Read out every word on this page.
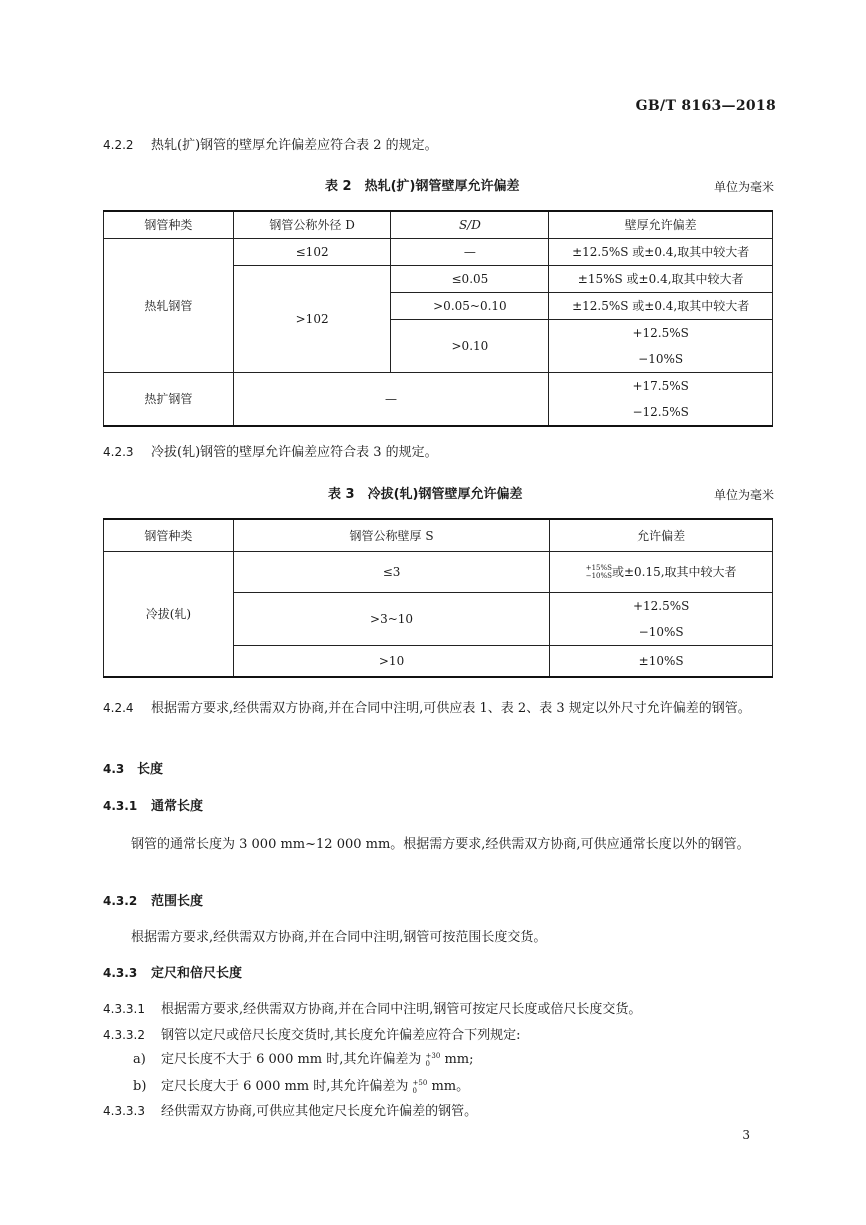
GB/T 8163—2018
4.2.2 热轧(扩)钢管的壁厚允许偏差应符合表 2 的规定。
表 2　热轧(扩)钢管壁厚允许偏差	单位为毫米
钢管种类	钢管公称外径 D	S/D	壁厚允许偏差
热轧钢管	≤102	—	±12.5%S 或±0.4,取其中较大者
	>102	≤0.05	±15%S 或±0.4,取其中较大者
		>0.05~0.10	±12.5%S 或±0.4,取其中较大者
		>0.10	+12.5%S
−10%S

热扩钢管	—		+17.5%S
−12.5%S
4.2.3 冷拔(轧)钢管的壁厚允许偏差应符合表 3 的规定。
表 3　冷拔(轧)钢管壁厚允许偏差	单位为毫米
钢管种类	钢管公称壁厚 S	允许偏差
冷拔(轧)	≤3	+15%S
−10%S 或±0.15,取其中较大者
	>3~10	+12.5%S
−10%S

	>10	±10%S
4.2.4 根据需方要求,经供需双方协商,并在合同中注明,可供应表 1、表 2、表 3 规定以外尺寸允许偏差的钢管。
4.3 长度
4.3.1 通常长度
钢管的通常长度为 3 000 mm~12 000 mm。根据需方要求,经供需双方协商,可供应通常长度以外的钢管。
4.3.2 范围长度
根据需方要求,经供需双方协商,并在合同中注明,钢管可按范围长度交货。
4.3.3 定尺和倍尺长度
4.3.3.1 根据需方要求,经供需双方协商,并在合同中注明,钢管可按定尺长度或倍尺长度交货。
4.3.3.2 钢管以定尺或倍尺长度交货时,其长度允许偏差应符合下列规定:
a) 定尺长度不大于 6 000 mm 时,其允许偏差为 +30
0	mm;
b) 定尺长度大于 6 000 mm 时,其允许偏差为 +50
0	mm。
4.3.3.3 经供需双方协商,可供应其他定尺长度允许偏差的钢管。
3
